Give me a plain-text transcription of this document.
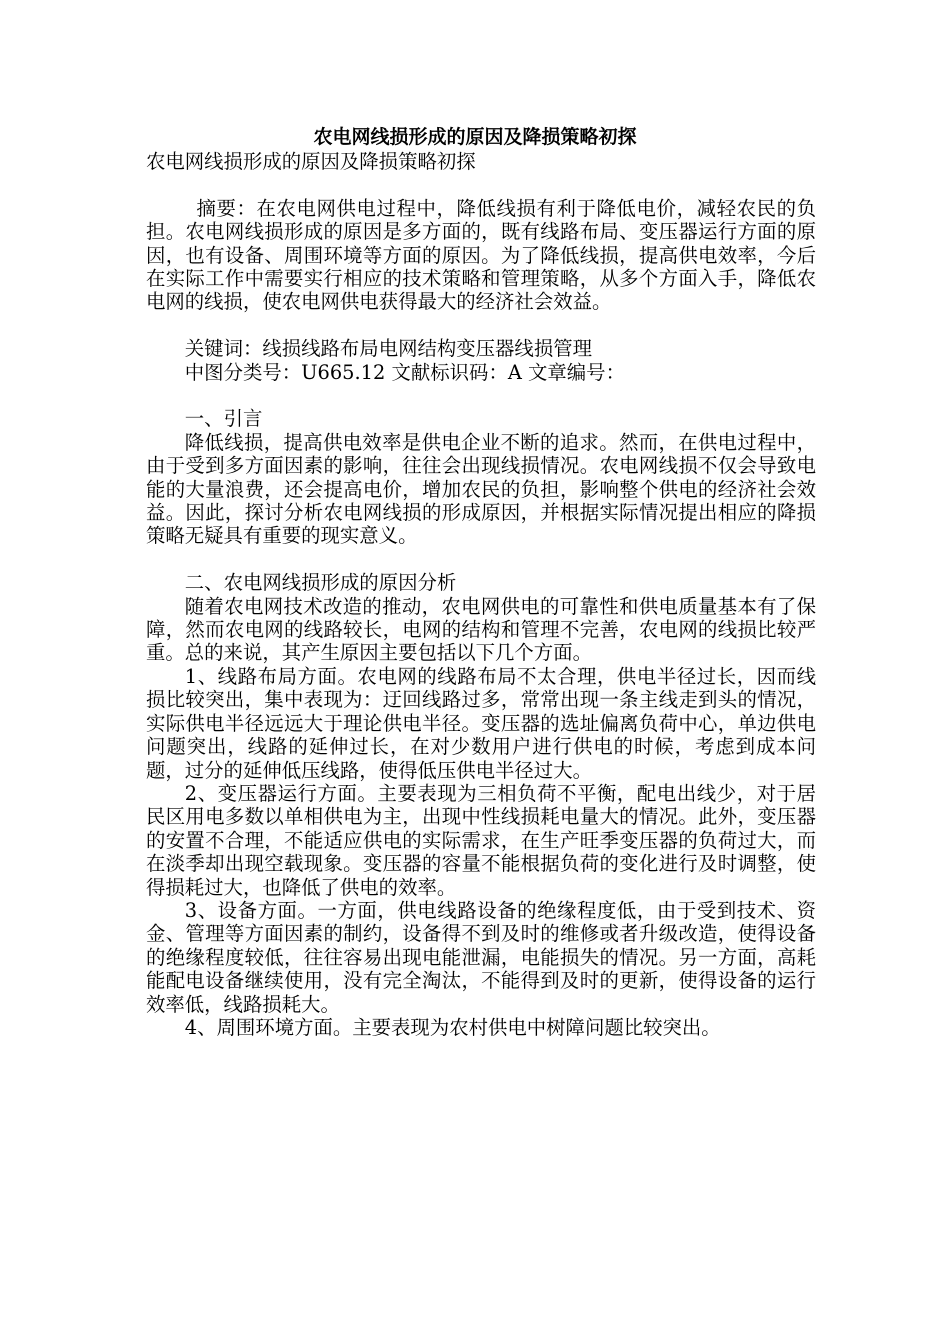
农电网线损形成的原因及降损策略初探

农电网线损形成的原因及降损策略初探

摘要：在农电网供电过程中，降低线损有利于降低电价，减轻农民的负担。农电网线损形成的原因是多方面的，既有线路布局、变压器运行方面的原因，也有设备、周围环境等方面的原因。为了降低线损，提高供电效率，今后在实际工作中需要实行相应的技术策略和管理策略，从多个方面入手，降低农电网的线损，使农电网供电获得最大的经济社会效益。

关键词：线损线路布局电网结构变压器线损管理

中图分类号：U665.12 文献标识码：A 文章编号：

一、引言

降低线损，提高供电效率是供电企业不断的追求。然而，在供电过程中，由于受到多方面因素的影响，往往会出现线损情况。农电网线损不仅会导致电能的大量浪费，还会提高电价，增加农民的负担，影响整个供电的经济社会效益。因此，探讨分析农电网线损的形成原因，并根据实际情况提出相应的降损策略无疑具有重要的现实意义。

二、农电网线损形成的原因分析

随着农电网技术改造的推动，农电网供电的可靠性和供电质量基本有了保障，然而农电网的线路较长，电网的结构和管理不完善，农电网的线损比较严重。总的来说，其产生原因主要包括以下几个方面。

1、线路布局方面。农电网的线路布局不太合理，供电半径过长，因而线损比较突出，集中表现为：迂回线路过多，常常出现一条主线走到头的情况，实际供电半径远远大于理论供电半径。变压器的选址偏离负荷中心，单边供电问题突出，线路的延伸过长，在对少数用户进行供电的时候，考虑到成本问题，过分的延伸低压线路，使得低压供电半径过大。

2、变压器运行方面。主要表现为三相负荷不平衡，配电出线少，对于居民区用电多数以单相供电为主，出现中性线损耗电量大的情况。此外，变压器的安置不合理，不能适应供电的实际需求，在生产旺季变压器的负荷过大，而在淡季却出现空载现象。变压器的容量不能根据负荷的变化进行及时调整，使得损耗过大，也降低了供电的效率。

3、设备方面。一方面，供电线路设备的绝缘程度低，由于受到技术、资金、管理等方面因素的制约，设备得不到及时的维修或者升级改造，使得设备的绝缘程度较低，往往容易出现电能泄漏，电能损失的情况。另一方面，高耗能配电设备继续使用，没有完全淘汰，不能得到及时的更新，使得设备的运行效率低，线路损耗大。

4、周围环境方面。主要表现为农村供电中树障问题比较突出。
